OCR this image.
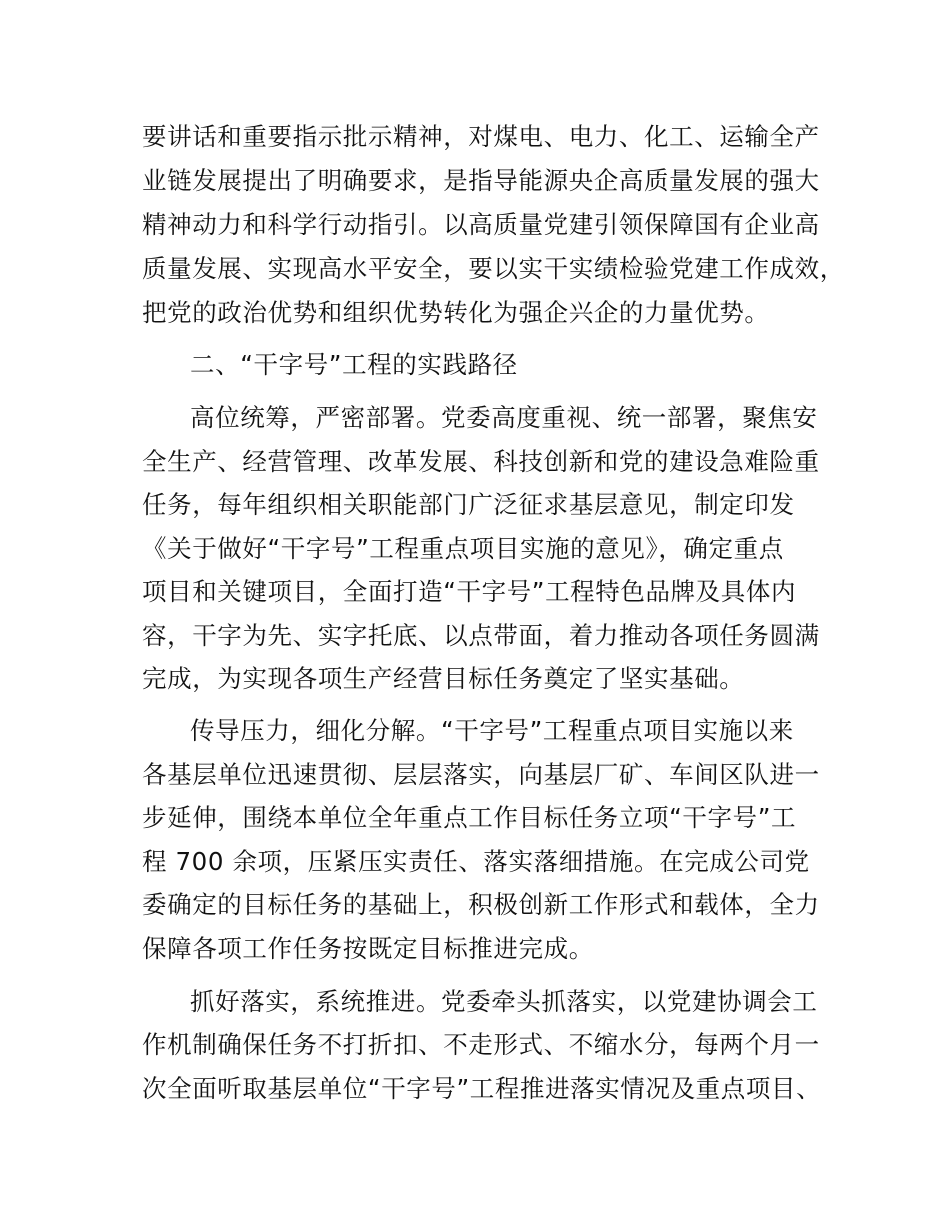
要讲话和重要指示批示精神，对煤电、电力、化工、运输全产

业链发展提出了明确要求，是指导能源央企高质量发展的强大

精神动力和科学行动指引。以高质量党建引领保障国有企业高

质量发展、实现高水平安全，要以实干实绩检验党建工作成效，

把党的政治优势和组织优势转化为强企兴企的力量优势。

二、“干字号”工程的实践路径

高位统筹，严密部署。党委高度重视、统一部署，聚焦安

全生产、经营管理、改革发展、科技创新和党的建设急难险重

任务，每年组织相关职能部门广泛征求基层意见，制定印发

《关于做好“干字号”工程重点项目实施的意见》，确定重点

项目和关键项目，全面打造“干字号”工程特色品牌及具体内

容，干字为先、实字托底、以点带面，着力推动各项任务圆满

完成，为实现各项生产经营目标任务奠定了坚实基础。

传导压力，细化分解。“干字号”工程重点项目实施以来

各基层单位迅速贯彻、层层落实，向基层厂矿、车间区队进一

步延伸，围绕本单位全年重点工作目标任务立项“干字号”工

程 700 余项，压紧压实责任、落实落细措施。在完成公司党

委确定的目标任务的基础上，积极创新工作形式和载体，全力

保障各项工作任务按既定目标推进完成。

抓好落实，系统推进。党委牵头抓落实，以党建协调会工

作机制确保任务不打折扣、不走形式、不缩水分，每两个月一

次全面听取基层单位“干字号”工程推进落实情况及重点项目、
